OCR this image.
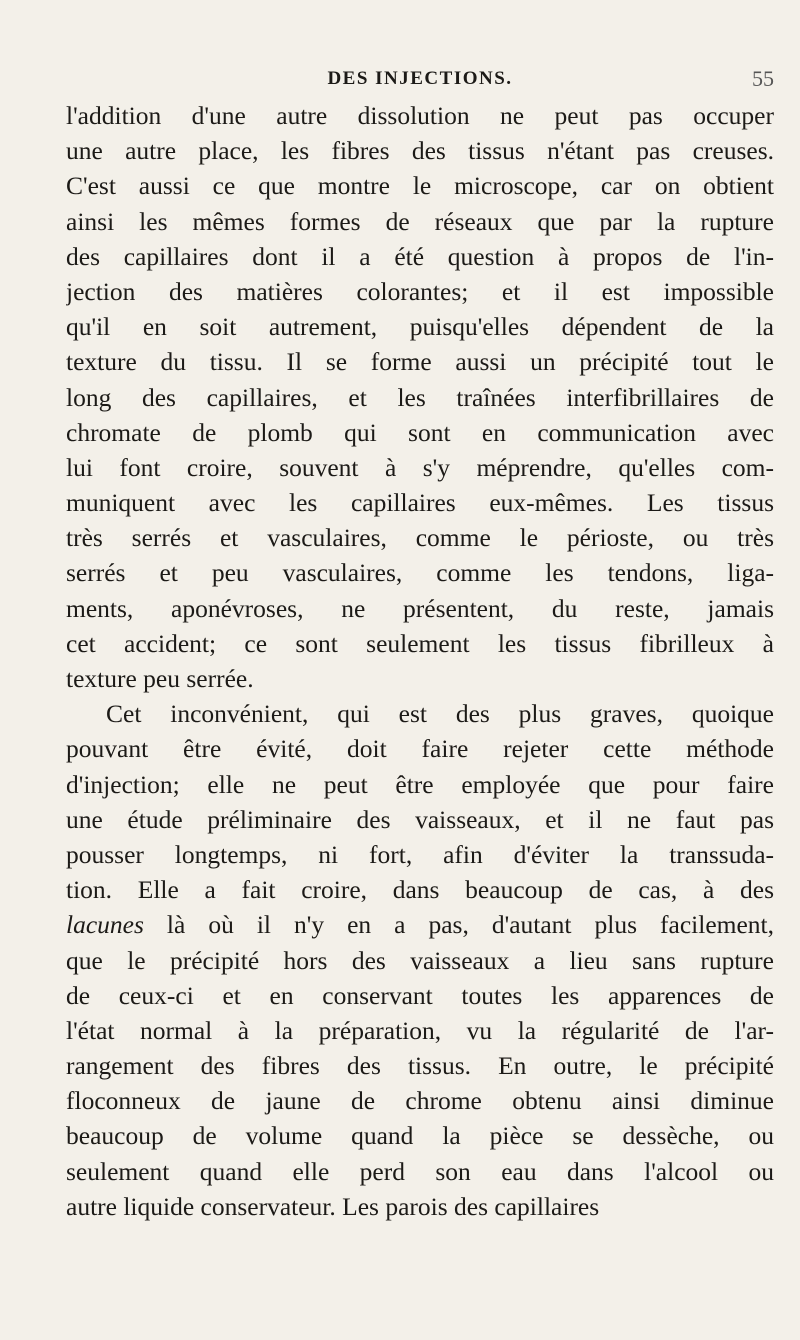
DES INJECTIONS.	55
l'addition d'une autre dissolution ne peut pas occuper
une autre place, les fibres des tissus n'étant pas creuses.
C'est aussi ce que montre le microscope, car on obtient
ainsi les mêmes formes de réseaux que par la rupture
des capillaires dont il a été question à propos de l'in-
jection des matières colorantes; et il est impossible
qu'il en soit autrement, puisqu'elles dépendent de la
texture du tissu. Il se forme aussi un précipité tout le
long des capillaires, et les traînées interfibrillaires de
chromate de plomb qui sont en communication avec
lui font croire, souvent à s'y méprendre, qu'elles com-
muniquent avec les capillaires eux-mêmes. Les tissus
très serrés et vasculaires, comme le périoste, ou très
serrés et peu vasculaires, comme les tendons, liga-
ments, aponévroses, ne présentent, du reste, jamais
cet accident; ce sont seulement les tissus fibrilleux à
texture peu serrée.
Cet inconvénient, qui est des plus graves, quoique
pouvant être évité, doit faire rejeter cette méthode
d'injection; elle ne peut être employée que pour faire
une étude préliminaire des vaisseaux, et il ne faut pas
pousser longtemps, ni fort, afin d'éviter la transsuda-
tion. Elle a fait croire, dans beaucoup de cas, à des
lacunes là où il n'y en a pas, d'autant plus facilement,
que le précipité hors des vaisseaux a lieu sans rupture
de ceux-ci et en conservant toutes les apparences de
l'état normal à la préparation, vu la régularité de l'ar-
rangement des fibres des tissus. En outre, le précipité
floconneux de jaune de chrome obtenu ainsi diminue
beaucoup de volume quand la pièce se dessèche, ou
seulement quand elle perd son eau dans l'alcool ou
autre liquide conservateur. Les parois des capillaires
